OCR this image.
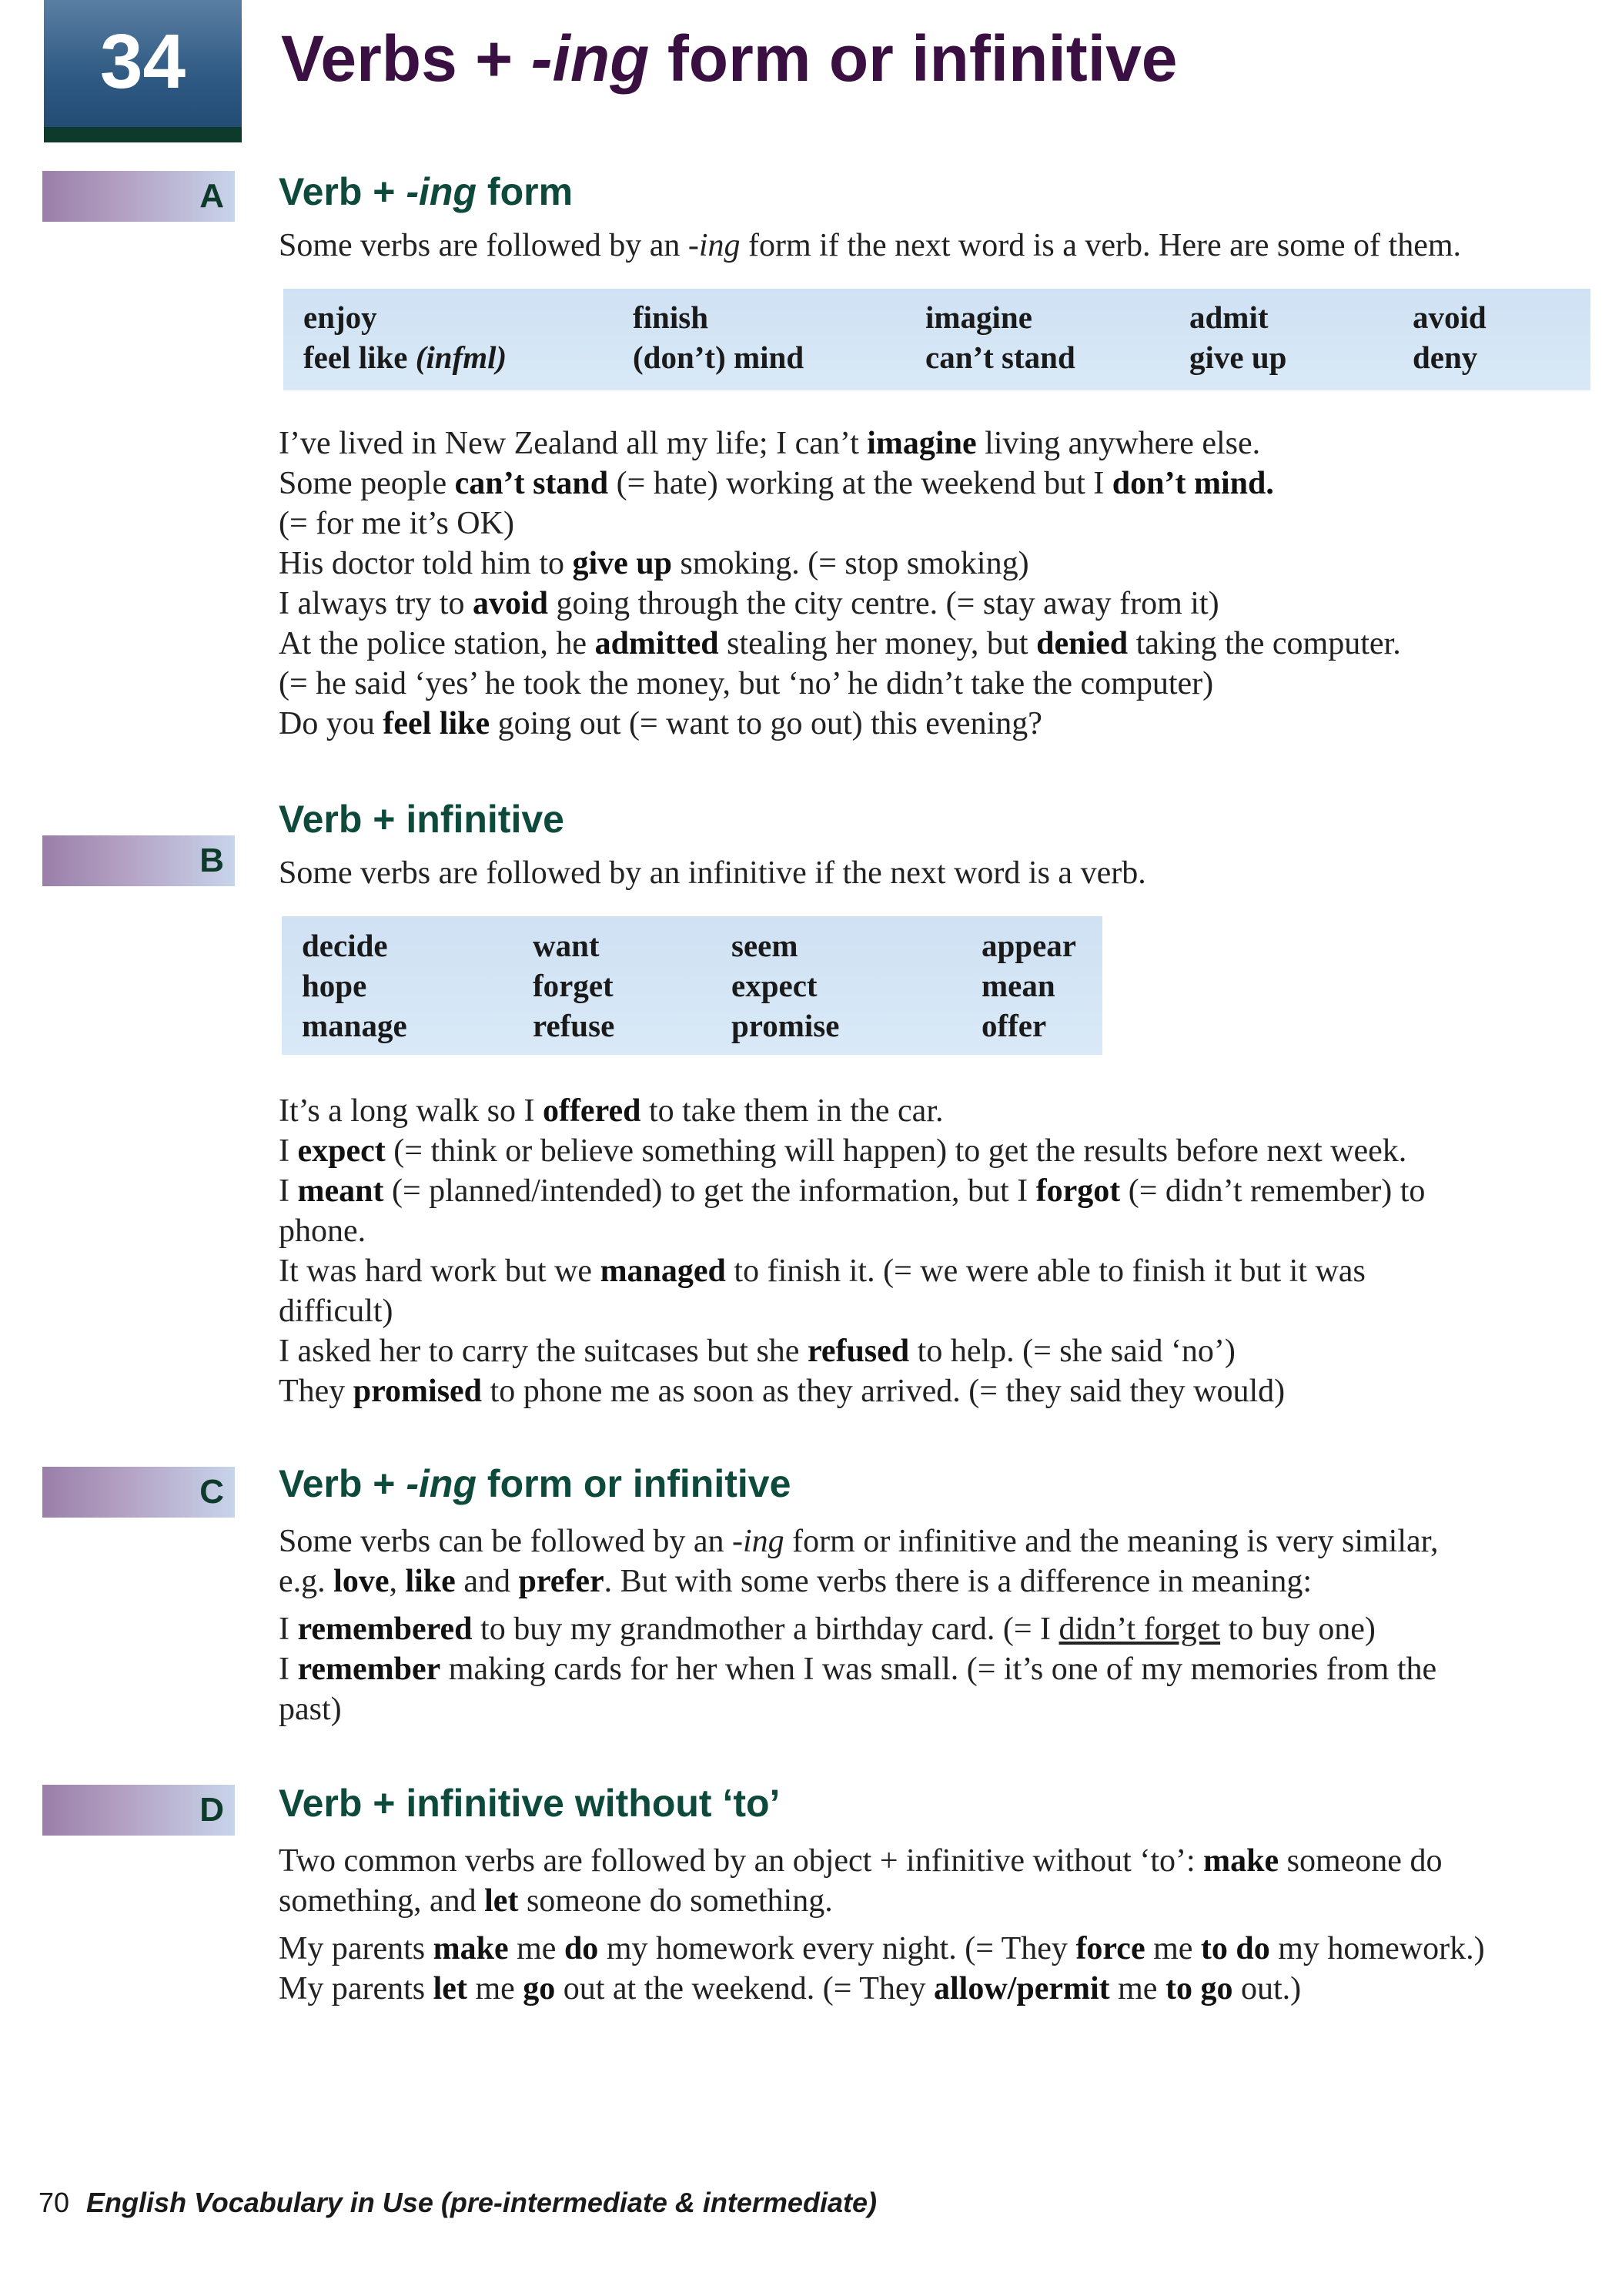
34	Verbs + -ing form or infinitive
A Verb + -ing form
Some verbs are followed by an -ing form if the next word is a verb. Here are some of them.
enjoy	finish	imagine	admit	avoid
feel like (infml)	(don’t) mind	can’t stand	give up	deny
I’ve lived in New Zealand all my life; I can’t imagine living anywhere else.
Some people can’t stand (= hate) working at the weekend but I don’t mind.
(= for me it’s OK)
His doctor told him to give up smoking. (= stop smoking)
I always try to avoid going through the city centre. (= stay away from it)
At the police station, he admitted stealing her money, but denied taking the computer.
(= he said ‘yes’ he took the money, but ‘no’ he didn’t take the computer)
Do you feel like going out (= want to go out) this evening?
Verb + infinitive
B	Some verbs are followed by an infinitive if the next word is a verb.
decide	want	seem	appear
hope	forget	expect	mean
manage	refuse	promise	offer
It’s a long walk so I offered to take them in the car.
I expect (= think or believe something will happen) to get the results before next week.
I meant (= planned/intended) to get the information, but I forgot (= didn’t remember) to
phone.
It was hard work but we managed to finish it. (= we were able to finish it but it was
difficult)
I asked her to carry the suitcases but she refused to help. (= she said ‘no’)
They promised to phone me as soon as they arrived. (= they said they would)
C Verb + -ing form or infinitive
Some verbs can be followed by an -ing form or infinitive and the meaning is very similar,
e.g. love, like and prefer. But with some verbs there is a difference in meaning:
I remembered to buy my grandmother a birthday card. (= I didn’t forget to buy one)
I remember making cards for her when I was small. (= it’s one of my memories from the
past)
D Verb + infinitive without ‘to’
Two common verbs are followed by an object + infinitive without ‘to’: make someone do
something, and let someone do something.
My parents make me do my homework every night. (= They force me to do my homework.)
My parents let me go out at the weekend. (= They allow/permit me to go out.)
70 English Vocabulary in Use (pre-intermediate & intermediate)
